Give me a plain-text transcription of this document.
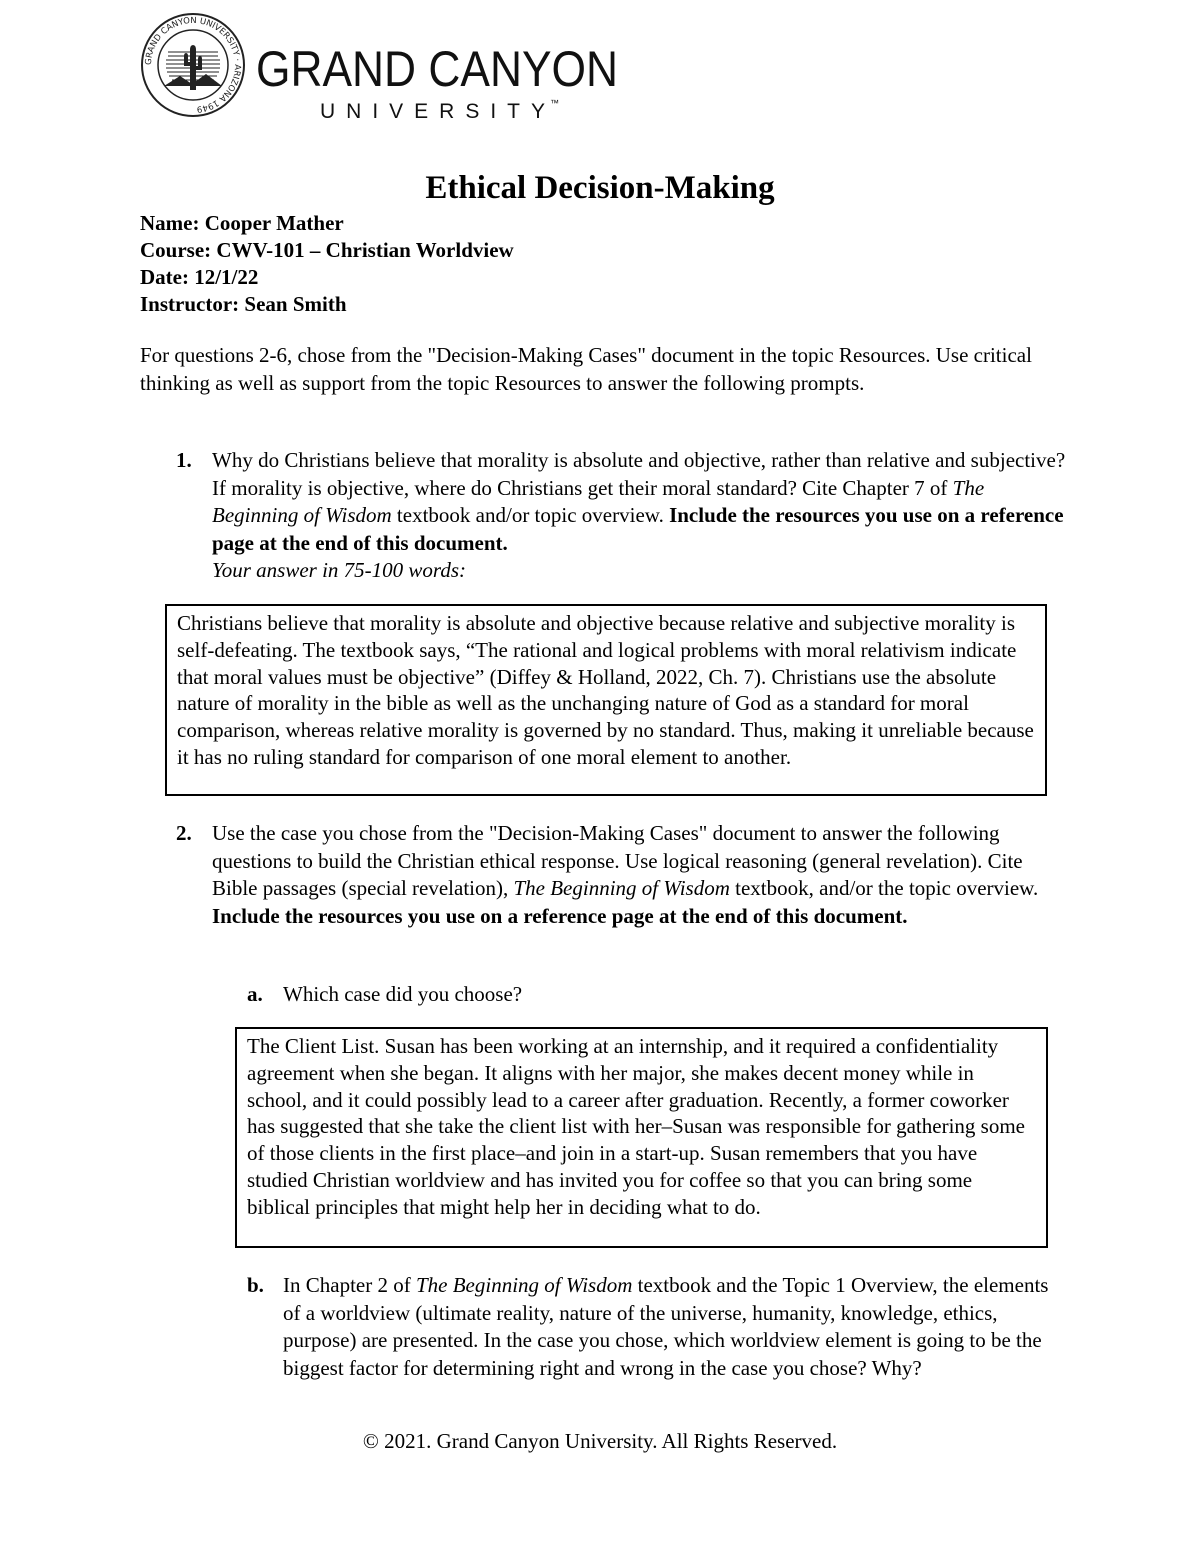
GRAND CANYON UNIVERSITY · ARIZONA 1949
GRAND CANYON
UNIVERSITY ™
Ethical Decision-Making
Name: Cooper Mather
Course: CWV-101 – Christian Worldview
Date: 12/1/22
Instructor: Sean Smith
For questions 2-6, chose from the "Decision-Making Cases" document in the topic Resources. Use critical thinking as well as support from the topic Resources to answer the following prompts.
1. Why do Christians believe that morality is absolute and objective, rather than relative and subjective? If morality is objective, where do Christians get their moral standard? Cite Chapter 7 of The Beginning of Wisdom textbook and/or topic overview. Include the resources you use on a reference page at the end of this document.
Your answer in 75-100 words:
Christians believe that morality is absolute and objective because relative and subjective morality is self-defeating. The textbook says, “The rational and logical problems with moral relativism indicate that moral values must be objective” (Diffey & Holland, 2022, Ch. 7). Christians use the absolute nature of morality in the bible as well as the unchanging nature of God as a standard for moral comparison, whereas relative morality is governed by no standard. Thus, making it unreliable because it has no ruling standard for comparison of one moral element to another.
2. Use the case you chose from the "Decision-Making Cases" document to answer the following questions to build the Christian ethical response. Use logical reasoning (general revelation). Cite Bible passages (special revelation), The Beginning of Wisdom textbook, and/or the topic overview. Include the resources you use on a reference page at the end of this document.
a. Which case did you choose?
The Client List. Susan has been working at an internship, and it required a confidentiality agreement when she began. It aligns with her major, she makes decent money while in school, and it could possibly lead to a career after graduation. Recently, a former coworker has suggested that she take the client list with her–Susan was responsible for gathering some of those clients in the first place–and join in a start-up. Susan remembers that you have studied Christian worldview and has invited you for coffee so that you can bring some biblical principles that might help her in deciding what to do.
b. In Chapter 2 of The Beginning of Wisdom textbook and the Topic 1 Overview, the elements of a worldview (ultimate reality, nature of the universe, humanity, knowledge, ethics, purpose) are presented. In the case you chose, which worldview element is going to be the biggest factor for determining right and wrong in the case you chose? Why?
© 2021. Grand Canyon University. All Rights Reserved.
